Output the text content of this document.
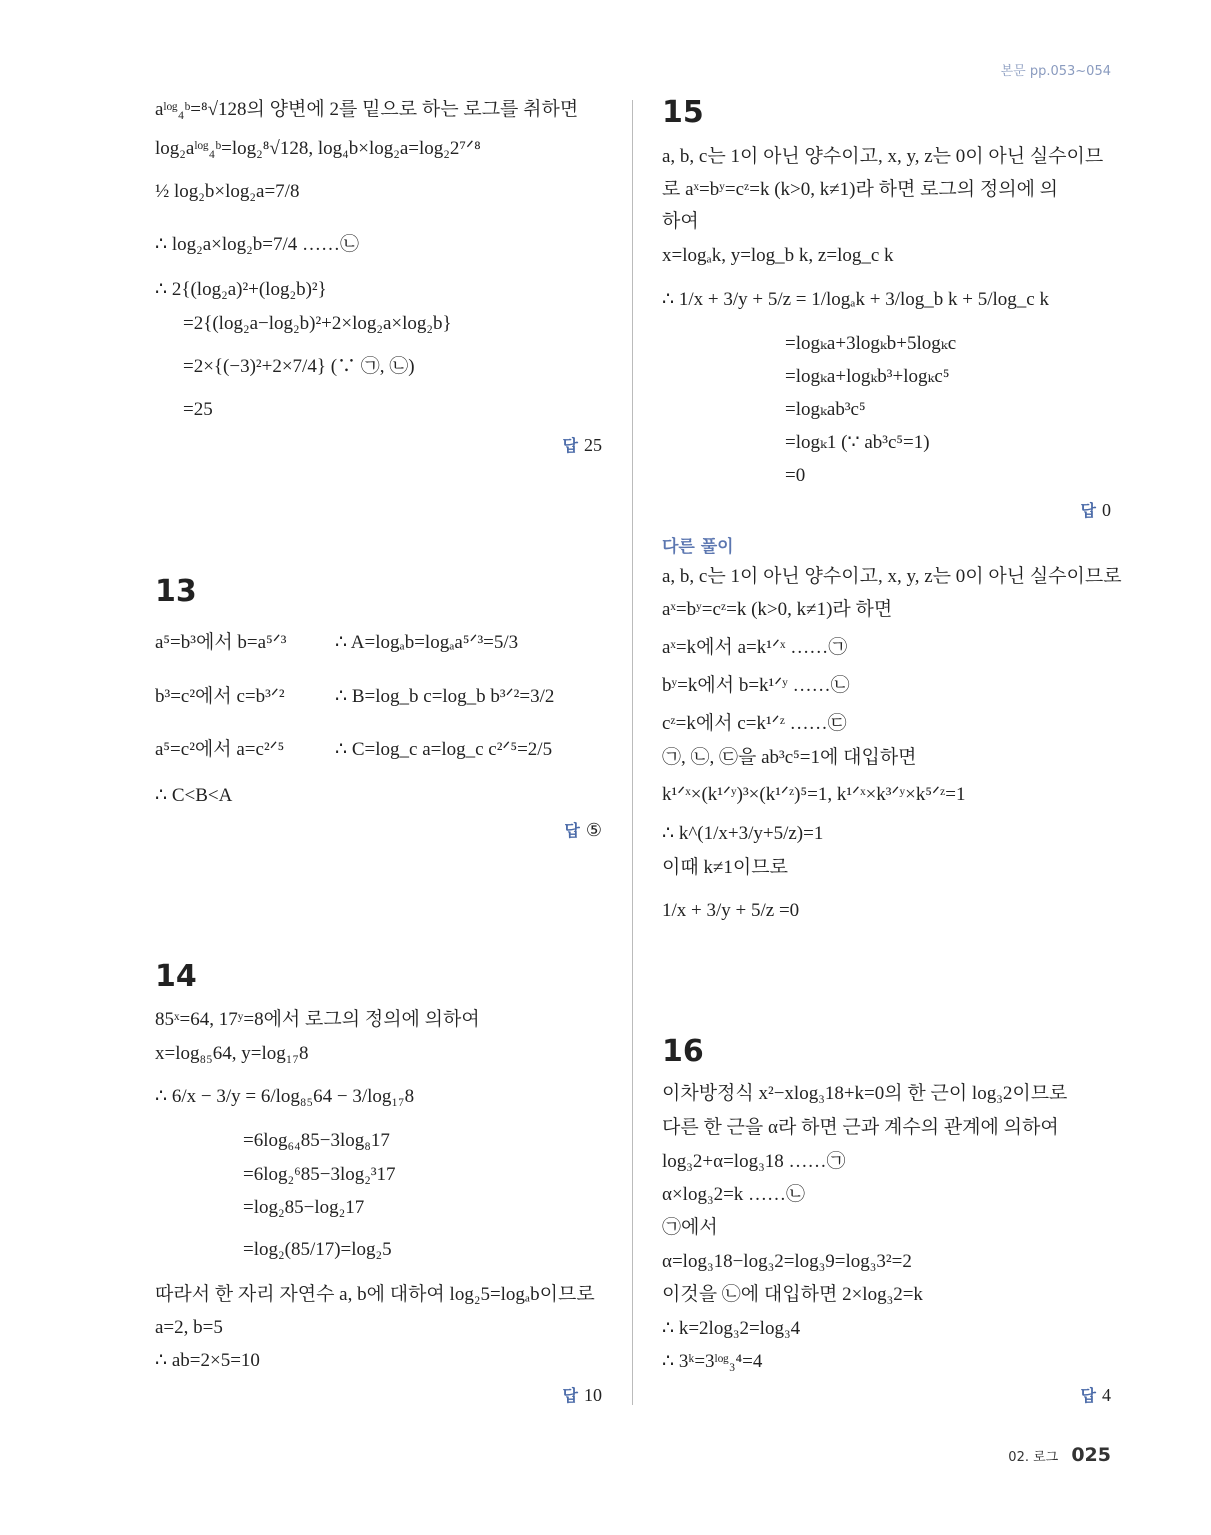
본문 pp.053~054
aˡᵒᵍ₄ᵇ=⁸√128의 양변에 2를 밑으로 하는 로그를 취하면
log₂aˡᵒᵍ₄ᵇ=log₂⁸√128, log₄b×log₂a=log₂2⁷ᐟ⁸
½ log₂b×log₂a=7/8
∴ log₂a×log₂b=7/4 ……㉡
∴ 2{(log₂a)²+(log₂b)²}
=2{(log₂a−log₂b)²+2×log₂a×log₂b}
=2×{(−3)²+2×7/4} (∵ ㉠, ㉡)
=25
답 25
13
a⁵=b³에서 b=a⁵ᐟ³	∴ A=logₐb=logₐa⁵ᐟ³=5/3
b³=c²에서 c=b³ᐟ²	∴ B=log_b c=log_b b³ᐟ²=3/2
a⁵=c²에서 a=c²ᐟ⁵	∴ C=log_c a=log_c c²ᐟ⁵=2/5
∴ C<B<A
답 ⑤
14
85ˣ=64, 17ʸ=8에서 로그의 정의에 의하여
x=log₈₅64, y=log₁₇8
∴ 6/x − 3/y = 6/log₈₅64 − 3/log₁₇8
=6log₆₄85−3log₈17
=6log₂⁶85−3log₂³17
=log₂85−log₂17
=log₂(85/17)=log₂5
따라서 한 자리 자연수 a, b에 대하여 log₂5=logₐb이므로
a=2, b=5
∴ ab=2×5=10
답 10
15
a, b, c는 1이 아닌 양수이고, x, y, z는 0이 아닌 실수이므
로 aˣ=bʸ=cᶻ=k (k>0, k≠1)라 하면 로그의 정의에 의
하여
x=logₐk, y=log_b k, z=log_c k
∴ 1/x + 3/y + 5/z = 1/logₐk + 3/log_b k + 5/log_c k
=logₖa+3logₖb+5logₖc
=logₖa+logₖb³+logₖc⁵
=logₖab³c⁵
=logₖ1 (∵ ab³c⁵=1)
=0
답 0
다른 풀이
a, b, c는 1이 아닌 양수이고, x, y, z는 0이 아닌 실수이므로
aˣ=bʸ=cᶻ=k (k>0, k≠1)라 하면
aˣ=k에서 a=k¹ᐟˣ ……㉠
bʸ=k에서 b=k¹ᐟʸ ……㉡
cᶻ=k에서 c=k¹ᐟᶻ ……㉢
㉠, ㉡, ㉢을 ab³c⁵=1에 대입하면
k¹ᐟˣ×(k¹ᐟʸ)³×(k¹ᐟᶻ)⁵=1, k¹ᐟˣ×k³ᐟʸ×k⁵ᐟᶻ=1
∴ k^(1/x+3/y+5/z)=1
이때 k≠1이므로
1/x + 3/y + 5/z =0
16
이차방정식 x²−xlog₃18+k=0의 한 근이 log₃2이므로
다른 한 근을 α라 하면 근과 계수의 관계에 의하여
log₃2+α=log₃18 ……㉠
α×log₃2=k ……㉡
㉠에서
α=log₃18−log₃2=log₃9=log₃3²=2
이것을 ㉡에 대입하면 2×log₃2=k
∴ k=2log₃2=log₃4
∴ 3ᵏ=3ˡᵒᵍ₃⁴=4
답 4
02. 로그 025
